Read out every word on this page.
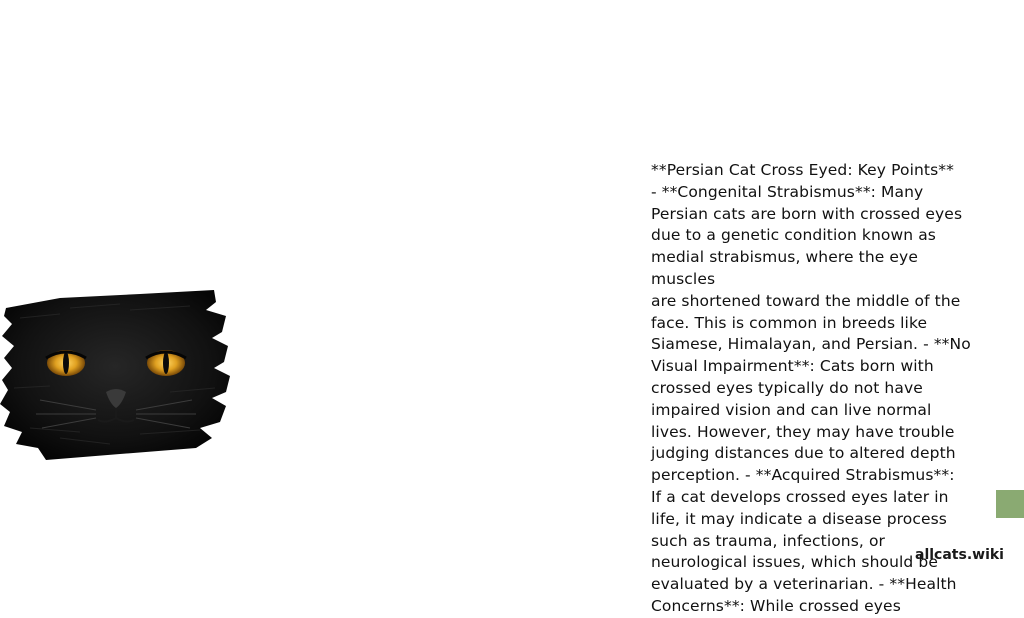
**Persian Cat Cross Eyed: Key Points**
- **Congenital Strabismus**: Many
Persian cats are born with crossed eyes
due to a genetic condition known as
medial strabismus, where the eye muscles
are shortened toward the middle of the
face. This is common in breeds like
Siamese, Himalayan, and Persian. - **No
Visual Impairment**: Cats born with
crossed eyes typically do not have
impaired vision and can live normal
lives. However, they may have trouble
judging distances due to altered depth
perception. - **Acquired Strabismus**:
If a cat develops crossed eyes later in
life, it may indicate a disease process
such as trauma, infections, or
neurological issues, which should be
evaluated by a veterinarian. - **Health
Concerns**: While crossed eyes

allcats.wiki
